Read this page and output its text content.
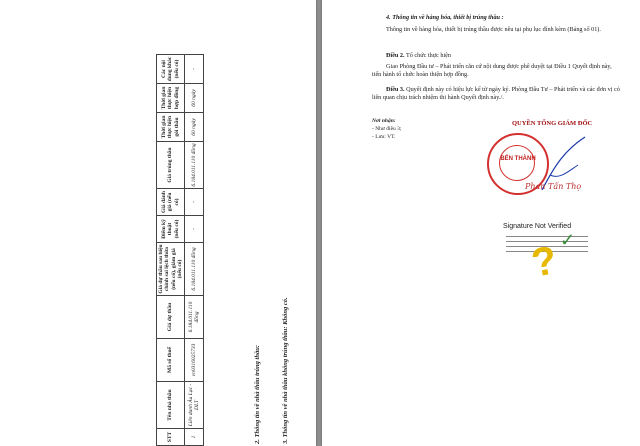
STT	Tên nhà thầu	Mã số thuế	Giá dự thầu	Giá dự thầu sau hiệu chỉnh sai lệch thừa (nếu có), giảm giá (nếu có)	Điểm kỹ thuật (nếu có)	Giá đánh giá (nếu có)	Giá trúng thầu	Thời gian thực hiện gói thầu	Thời gian thực hiện hợp đồng	Các nội dung khác (nếu có)
1	Liên danh Âu Lạc - DLT	vn0316025733	6.184.011.110 đồng	6.184.011.110 đồng	-	-	6.184.011.110 đồng	60 ngày	60 ngày	-
2. Thông tin về nhà thầu trúng thầu:	3. Thông tin về nhà thầu không trúng thầu: Không có.
4. Thông tin về hàng hóa, thiết bị trúng thầu :
Thông tin về hàng hóa, thiết bị trúng thầu được nêu tại phụ lục đính kèm (Bảng số 01).
Điều 2. Tổ chức thực hiện
Giao Phòng Đầu tư – Phát triển căn cứ nội dung được phê duyệt tại Điều 1 Quyết định này, tiến hành tổ chức hoàn thiện hợp đồng.
Điều 3. Quyết định này có hiệu lực kể từ ngày ký. Phòng Đầu Tư – Phát triển và các đơn vị có liên quan chịu trách nhiệm thi hành Quyết định này./.
Nơi nhận:
- Như điều 3;
- Lưu: VT.
QUYỀN TỔNG GIÁM ĐỐC
BẾN THÀNH
Phan Tấn Thọ
Signature Not Verified
? ✓
